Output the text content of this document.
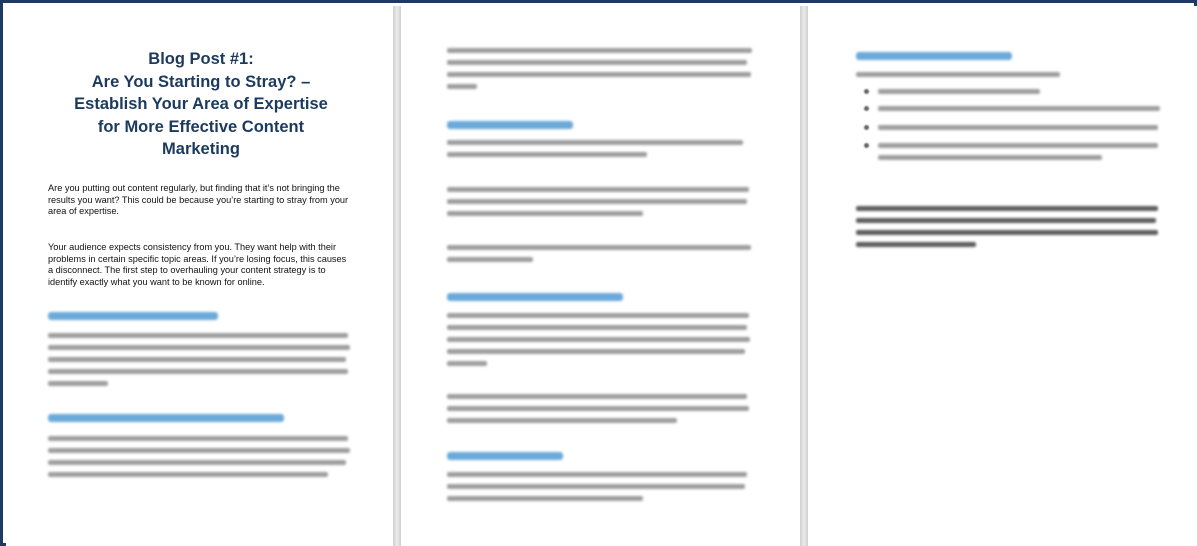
Blog Post #1:
Are You Starting to Stray? –
Establish Your Area of Expertise
for More Effective Content
Marketing
Are you putting out content regularly, but finding that it’s not bringing the
results you want? This could be because you’re starting to stray from your
area of expertise.
Your audience expects consistency from you. They want help with their
problems in certain specific topic areas. If you’re losing focus, this causes
a disconnect. The first step to overhauling your content strategy is to
identify exactly what you want to be known for online.
